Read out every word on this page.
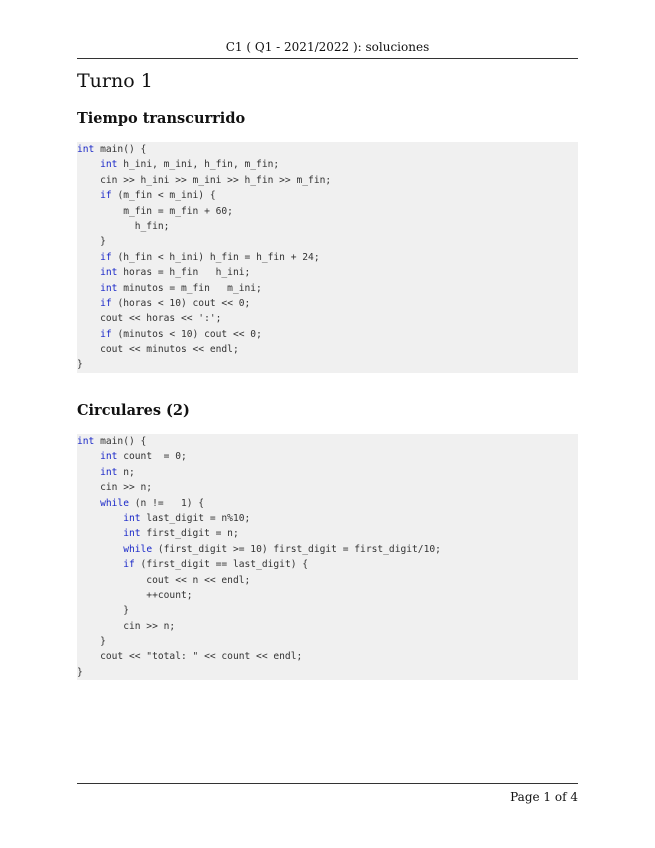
C1 ( Q1 - 2021/2022 ): soluciones
Turno 1
Tiempo transcurrido
int main() {
int h_ini, m_ini, h_fin, m_fin;
cin >> h_ini >> m_ini >> h_fin >> m_fin;
if (m_fin < m_ini) {
m_fin = m_fin + 60;
h_fin;
}
if (h_fin < h_ini) h_fin = h_fin + 24;
int horas = h_fin   h_ini;
int minutos = m_fin   m_ini;
if (horas < 10) cout << 0;
cout << horas << ':';
if (minutos < 10) cout << 0;
cout << minutos << endl;
}
Circulares (2)
int main() {
int count  = 0;
int n;
cin >> n;
while (n !=   1) {
int last_digit = n%10;
int first_digit = n;
while (first_digit >= 10) first_digit = first_digit/10;
if (first_digit == last_digit) {
cout << n << endl;
++count;
}
cin >> n;
}
cout << "total: " << count << endl;
}
Page 1 of 4
